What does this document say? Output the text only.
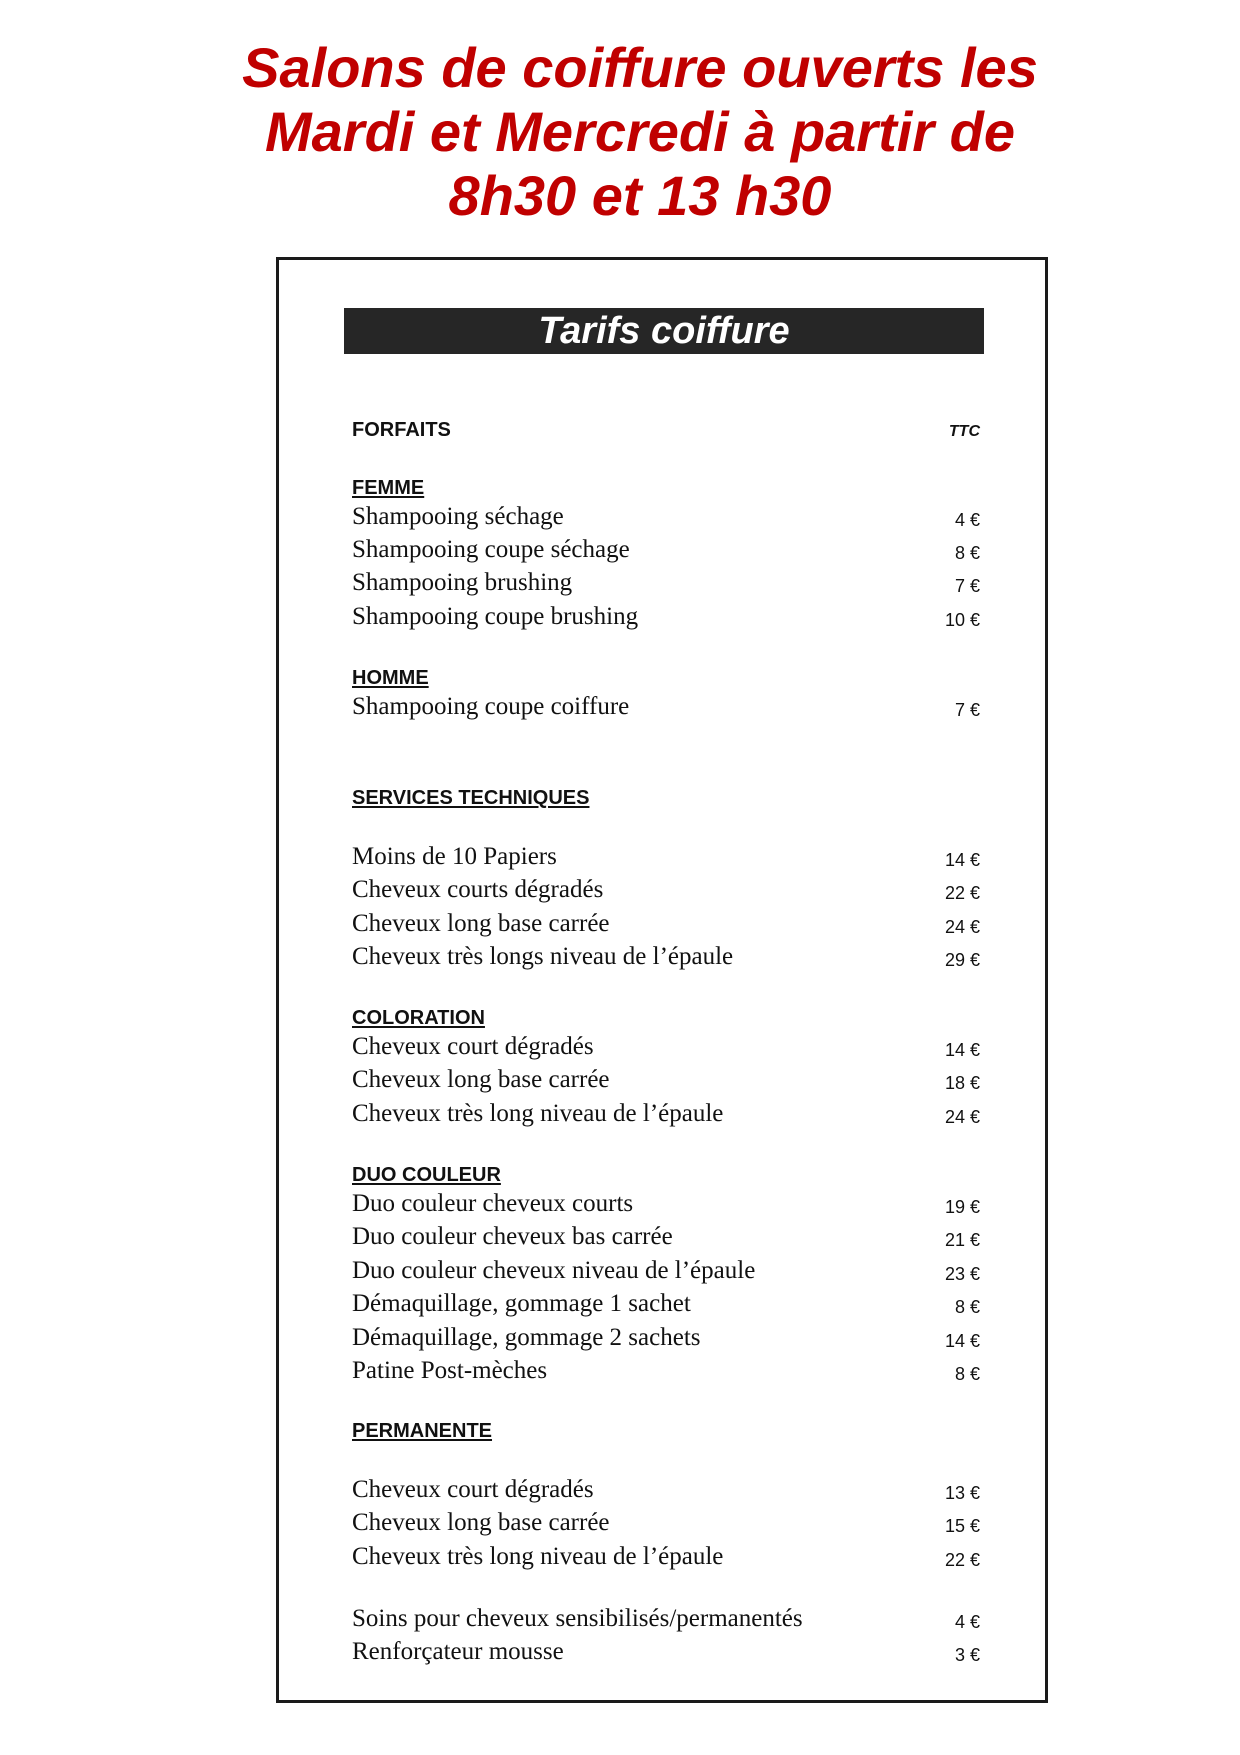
Salons de coiffure ouverts les
Mardi et Mercredi à partir de
8h30 et 13 h30
Tarifs coiffure
FORFAITS	TTC
FEMME
Shampooing séchage	4 €
Shampooing coupe séchage	8 €
Shampooing brushing	7 €
Shampooing coupe brushing	10 €
HOMME
Shampooing coupe coiffure	7 €
SERVICES TECHNIQUES
Moins de 10 Papiers	14 €
Cheveux courts dégradés	22 €
Cheveux long base carrée	24 €
Cheveux très longs niveau de l’épaule	29 €
COLORATION
Cheveux court dégradés	14 €
Cheveux long base carrée	18 €
Cheveux très long niveau de l’épaule	24 €
DUO COULEUR
Duo couleur cheveux courts	19 €
Duo couleur cheveux bas carrée	21 €
Duo couleur cheveux niveau de l’épaule	23 €
Démaquillage, gommage 1 sachet	8 €
Démaquillage, gommage 2 sachets	14 €
Patine Post-mèches	8 €
PERMANENTE
Cheveux court dégradés	13 €
Cheveux long base carrée	15 €
Cheveux très long niveau de l’épaule	22 €
Soins pour cheveux sensibilisés/permanentés	4 €
Renforçateur mousse	3 €
